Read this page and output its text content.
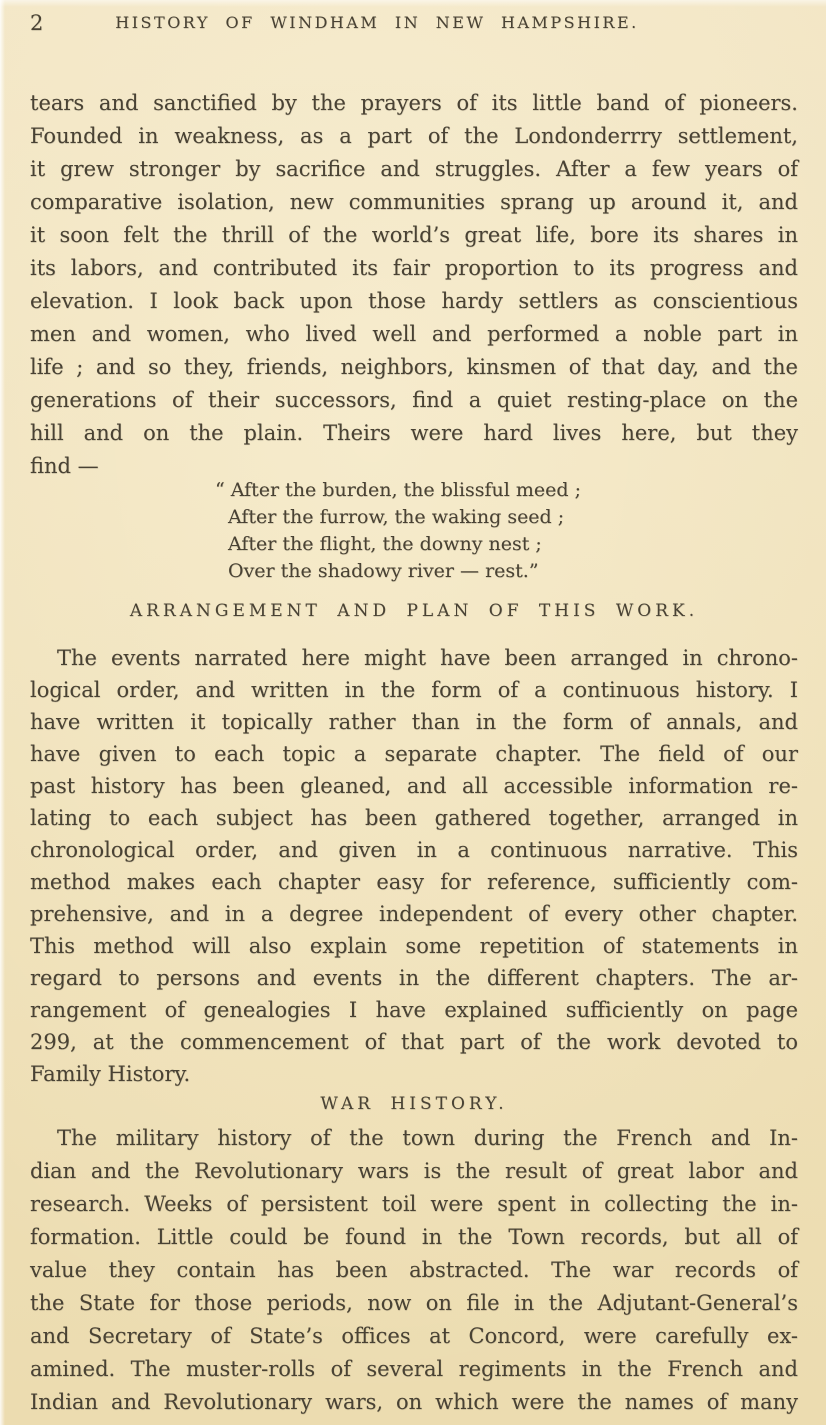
2	HISTORY OF WINDHAM IN NEW HAMPSHIRE.
tears and sanctified by the prayers of its little band of pioneers.
Founded in weakness, as a part of the Londonderrry settlement,
it grew stronger by sacrifice and struggles. After a few years of
comparative isolation, new communities sprang up around it, and
it soon felt the thrill of the world’s great life, bore its shares in
its labors, and contributed its fair proportion to its progress and
elevation. I look back upon those hardy settlers as conscientious
men and women, who lived well and performed a noble part in
life ; and so they, friends, neighbors, kinsmen of that day, and the
generations of their successors, find a quiet resting-place on the
hill and on the plain. Theirs were hard lives here, but they
find —
“ After the burden, the blissful meed ;
After the furrow, the waking seed ;
After the flight, the downy nest ;
Over the shadowy river — rest.”
ARRANGEMENT AND PLAN OF THIS WORK.
The events narrated here might have been arranged in chrono-
logical order, and written in the form of a continuous history. I
have written it topically rather than in the form of annals, and
have given to each topic a separate chapter. The field of our
past history has been gleaned, and all accessible information re-
lating to each subject has been gathered together, arranged in
chronological order, and given in a continuous narrative. This
method makes each chapter easy for reference, sufficiently com-
prehensive, and in a degree independent of every other chapter.
This method will also explain some repetition of statements in
regard to persons and events in the different chapters. The ar-
rangement of genealogies I have explained sufficiently on page
299, at the commencement of that part of the work devoted to
Family History.
WAR HISTORY.
The military history of the town during the French and In-
dian and the Revolutionary wars is the result of great labor and
research. Weeks of persistent toil were spent in collecting the in-
formation. Little could be found in the Town records, but all of
value they contain has been abstracted. The war records of
the State for those periods, now on file in the Adjutant-General’s
and Secretary of State’s offices at Concord, were carefully ex-
amined. The muster-rolls of several regiments in the French and
Indian and Revolutionary wars, on which were the names of many
